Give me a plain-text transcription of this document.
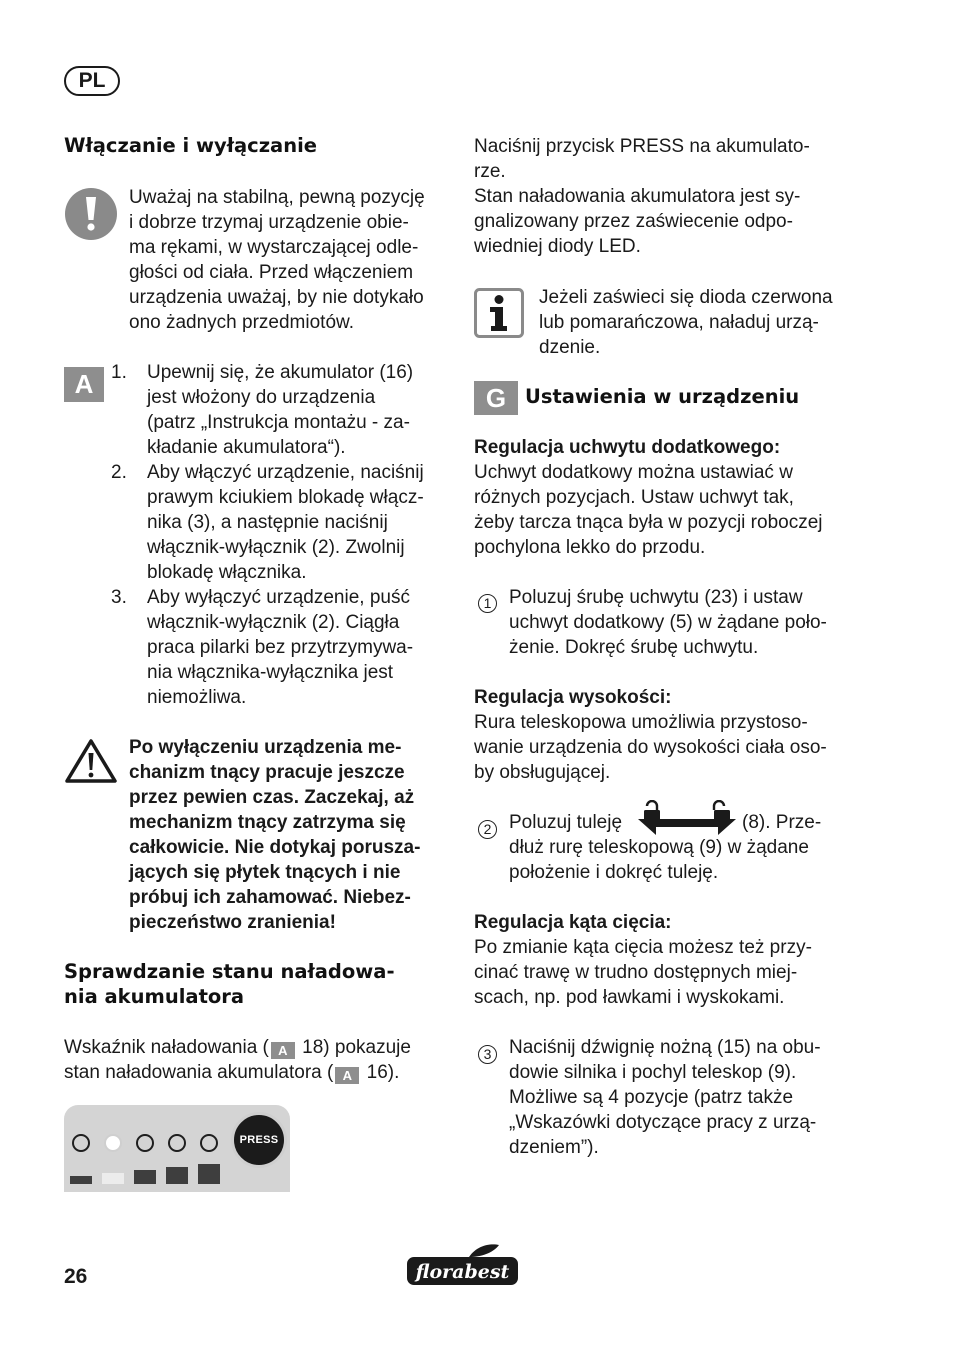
PL
Włączanie i wyłączanie
Uważaj na stabilną, pewną pozycję
i dobrze trzymaj urządzenie obie-
ma rękami, w wystarczającej odle-
głości od ciała. Przed włączeniem
urządzenia uważaj, by nie dotykało
ono żadnych przedmiotów.
A 1. Upewnij się, że akumulator (16)
jest włożony do urządzenia
(patrz „Instrukcja montażu - za-
kładanie akumulatora“).
2. Aby włączyć urządzenie, naciśnij
prawym kciukiem blokadę włącz-
nika (3), a następnie naciśnij
włącznik-wyłącznik (2). Zwolnij
blokadę włącznika.
3. Aby wyłączyć urządzenie, puść
włącznik-wyłącznik (2). Ciągła
praca pilarki bez przytrzymywa-
nia włącznika-wyłącznika jest
niemożliwa.
Po wyłączeniu urządzenia me-
chanizm tnący pracuje jeszcze
przez pewien czas. Zaczekaj, aż
mechanizm tnący zatrzyma się
całkowicie. Nie dotykaj porusza-
jących się płytek tnących i nie
próbuj ich zahamować. Niebez-
pieczeństwo zranienia!
Sprawdzanie stanu naładowa-
nia akumulatora
Wskaźnik naładowania ( A 18) pokazuje
stan naładowania akumulatora ( A 16).
PRESS
Naciśnij przycisk PRESS na akumulato-
rze.
Stan naładowania akumulatora jest sy-
gnalizowany przez zaświecenie odpo-
wiedniej diody LED.
Jeżeli zaświeci się dioda czerwona
lub pomarańczowa, naładuj urzą-
dzenie.
G Ustawienia w urządzeniu
Regulacja uchwytu dodatkowego:
Uchwyt dodatkowy można ustawiać w
różnych pozycjach. Ustaw uchwyt tak,
żeby tarcza tnąca była w pozycji roboczej
pochylona lekko do przodu.
1 Poluzuj śrubę uchwytu (23) i ustaw
uchwyt dodatkowy (5) w żądane poło-
żenie. Dokręć śrubę uchwytu.
Regulacja wysokości:
Rura teleskopowa umożliwia przystoso-
wanie urządzenia do wysokości ciała oso-
by obsługującej.
2 Poluzuj tuleję	(8). Prze-
dłuż rurę teleskopową (9) w żądane
położenie i dokręć tuleję.
Regulacja kąta cięcia:
Po zmianie kąta cięcia możesz też przy-
cinać trawę w trudno dostępnych miej-
scach, np. pod ławkami i wyskokami.
3 Naciśnij dźwignię nożną (15) na obu-
dowie silnika i pochyl teleskop (9).
Możliwe są 4 pozycje (patrz także
„Wskazówki dotyczące pracy z urzą-
dzeniem”).
26	florabest
